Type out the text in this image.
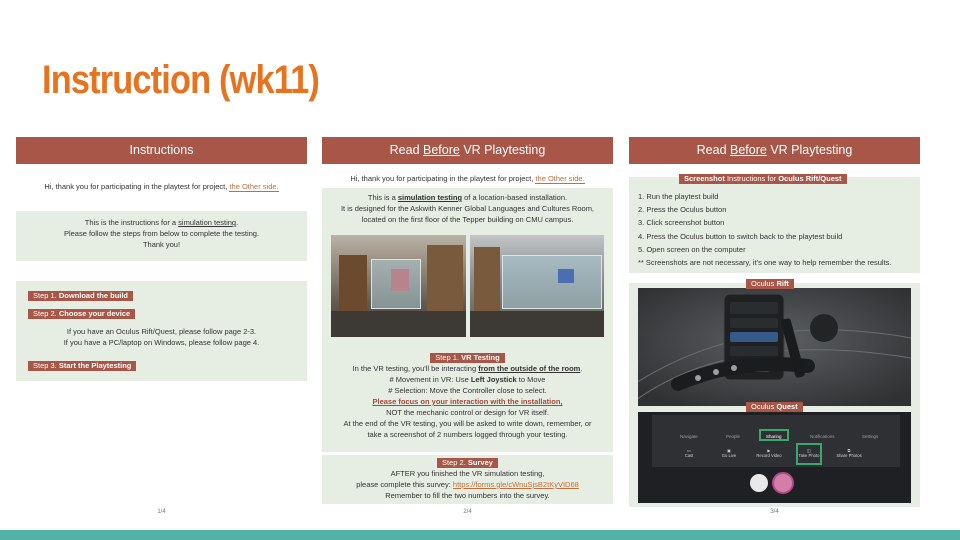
Instruction (wk11)
Instructions
Hi, thank you for participating in the playtest for project, the Other side.
This is the instructions for a simulation testing.
Please follow the steps from below to complete the testing.
Thank you!
Step 1. Download the build
Step 2. Choose your device
If you have an Oculus Rift/Quest, please follow page 2-3.
If you have a PC/laptop on Windows, please follow page 4.
Step 3. Start the Playtesting
1/4
Read Before VR Playtesting
Hi, thank you for participating in the playtest for project, the Other side.
This is a simulation testing of a location-based installation.
It is designed for the Askwith Kenner Global Languages and Cultures Room,
located on the first floor of the Tepper building on CMU campus.
Step 1. VR Testing
In the VR testing, you'll be interacting from the outside of the room.
# Movement in VR: Use Left Joystick to Move
# Selection: Move the Controller close to select.
Please focus on your interaction with the installation,
NOT the mechanic control or design for VR itself.
At the end of the VR testing, you will be asked to write down, remember, or
take a screenshot of 2 numbers logged through your testing.
Step 2. Survey
AFTER you finished the VR simulation testing,
please complete this survey: https://forms.gle/cWnuSjsB2tKyVID68
Remember to fill the two numbers into the survey.
2/4
Read Before VR Playtesting
Screenshot Instructions for Oculus Rift/Quest
1. Run the playtest build
2. Press the Oculus button
3. Click screenshot button
4. Press the Oculus button to switch back to the playtest build
5. Open screen on the computer
** Screenshots are not necessary, it's one way to help remember the results.
Oculus Rift
Navigate	People	Sharing	Notifications	Settings
▭
Cast
▣
Go Live
▶
Record Video
◫
Take Photo
⧉
Share Photos
Oculus Quest
3/4
